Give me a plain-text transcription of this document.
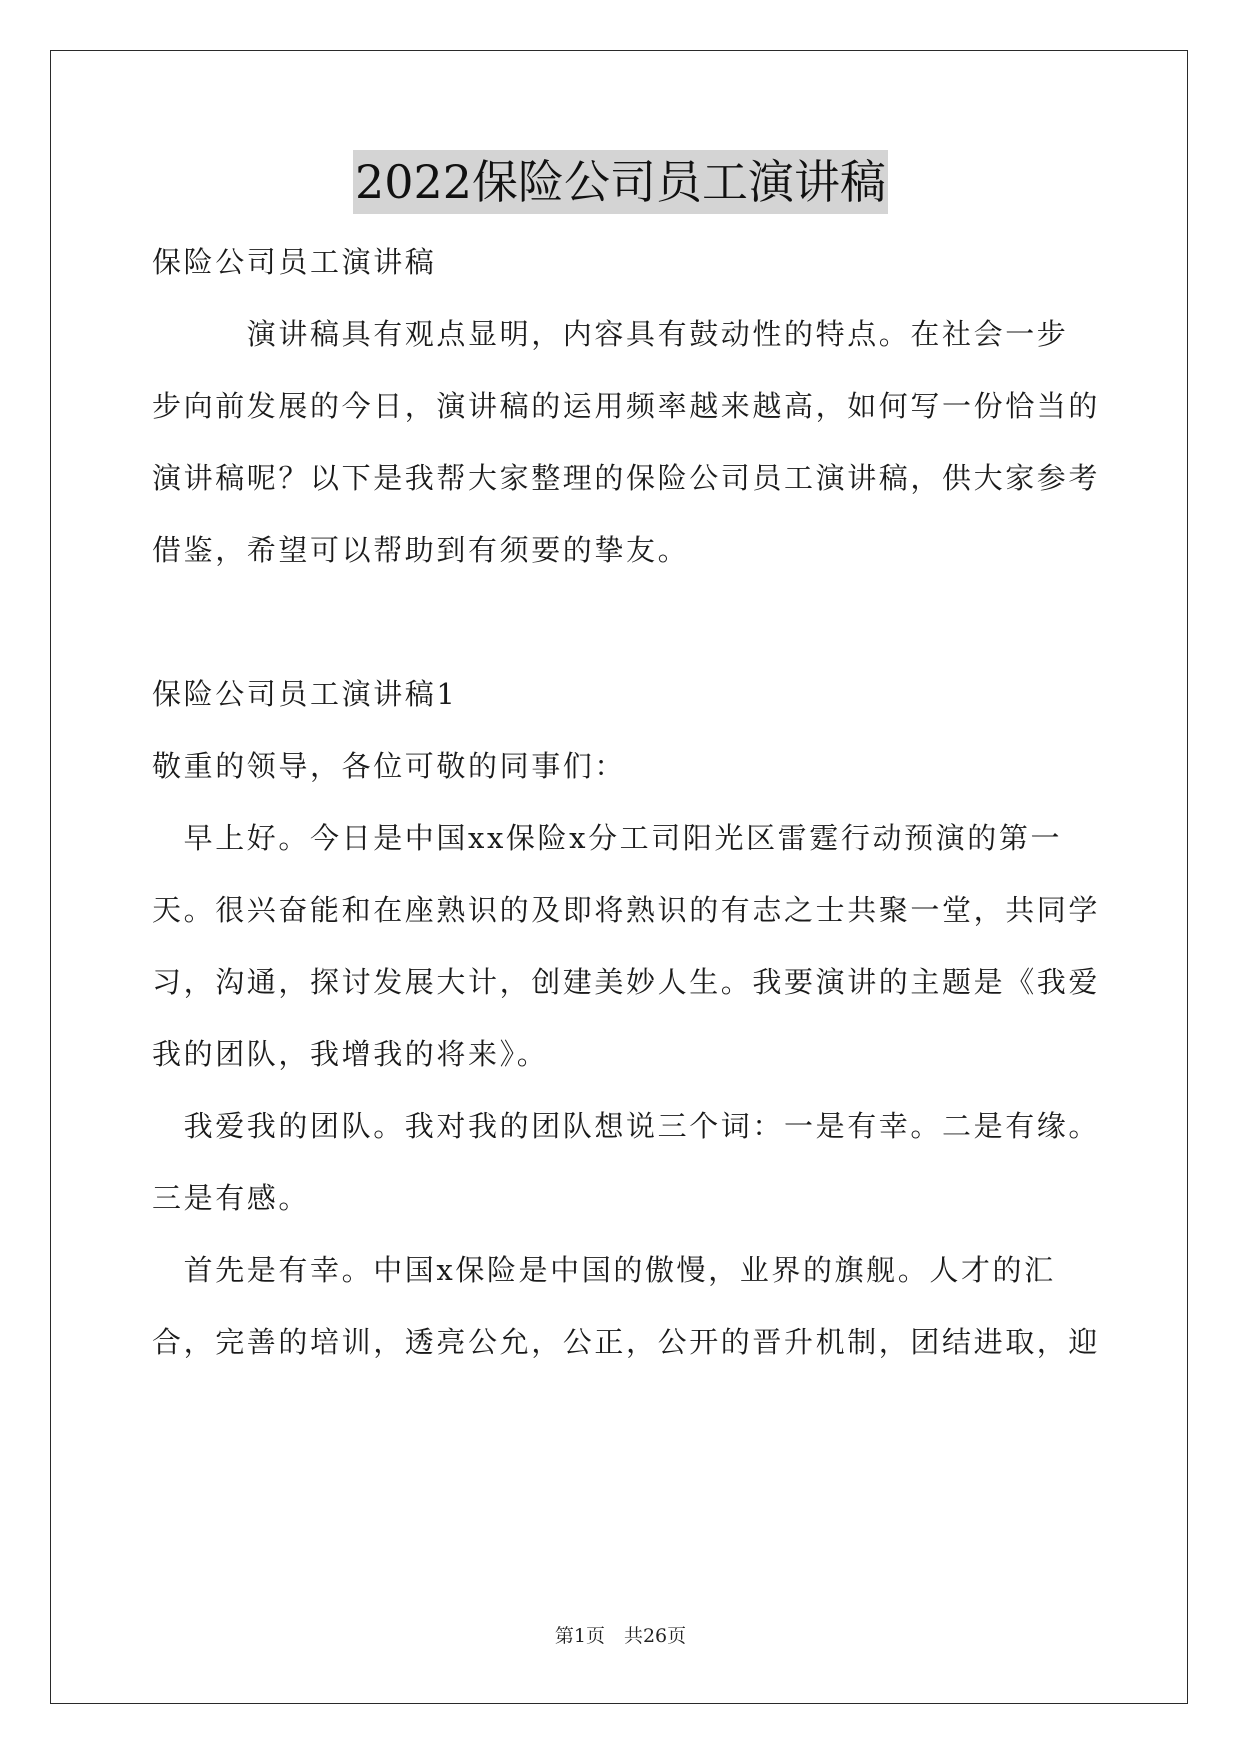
2022保险公司员工演讲稿
保险公司员工演讲稿
　　　演讲稿具有观点显明，内容具有鼓动性的特点。在社会一步
步向前发展的今日，演讲稿的运用频率越来越高，如何写一份恰当的
演讲稿呢？以下是我帮大家整理的保险公司员工演讲稿，供大家参考
借鉴，希望可以帮助到有须要的挚友。
保险公司员工演讲稿1
敬重的领导，各位可敬的同事们：
　早上好。今日是中国xx保险x分工司阳光区雷霆行动预演的第一
天。很兴奋能和在座熟识的及即将熟识的有志之士共聚一堂，共同学
习，沟通，探讨发展大计，创建美妙人生。我要演讲的主题是《我爱
我的团队，我增我的将来》。
　我爱我的团队。我对我的团队想说三个词：一是有幸。二是有缘。
三是有感。
　首先是有幸。中国x保险是中国的傲慢，业界的旗舰。人才的汇
合，完善的培训，透亮公允，公正，公开的晋升机制，团结进取，迎
第1页　共26页
